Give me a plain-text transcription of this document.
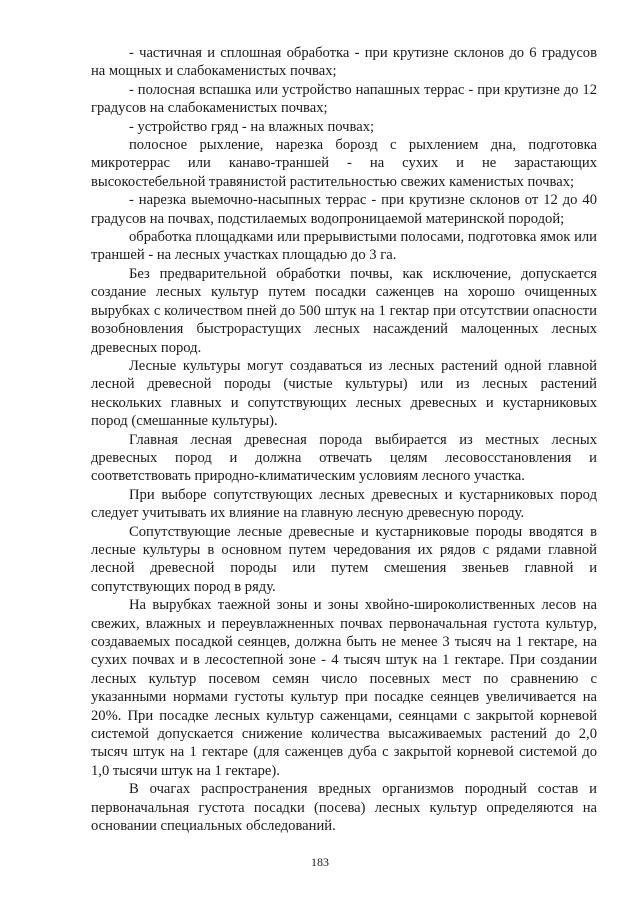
- частичная и сплошная обработка - при крутизне склонов до 6 градусов на мощных и слабокаменистых почвах;

- полосная вспашка или устройство напашных террас - при крутизне до 12 градусов на слабокаменистых почвах;

- устройство гряд - на влажных почвах;

полосное рыхление, нарезка борозд с рыхлением дна, подготовка микротеррас или канаво-траншей - на сухих и не зарастающих высокостебельной травянистой растительностью свежих каменистых почвах;

- нарезка выемочно-насыпных террас - при крутизне склонов от 12 до 40 градусов на почвах, подстилаемых водопроницаемой материнской породой;

обработка площадками или прерывистыми полосами, подготовка ямок или траншей - на лесных участках площадью до 3 га.

Без предварительной обработки почвы, как исключение, допускается создание лесных культур путем посадки саженцев на хорошо очищенных вырубках с количеством пней до 500 штук на 1 гектар при отсутствии опасности возобновления быстрорастущих лесных насаждений малоценных лесных древесных пород.

Лесные культуры могут создаваться из лесных растений одной главной лесной древесной породы (чистые культуры) или из лесных растений нескольких главных и сопутствующих лесных древесных и кустарниковых пород (смешанные культуры).

Главная лесная древесная порода выбирается из местных лесных древесных пород и должна отвечать целям лесовосстановления и соответствовать природно-климатическим условиям лесного участка.

При выборе сопутствующих лесных древесных и кустарниковых пород следует учитывать их влияние на главную лесную древесную породу.

Сопутствующие лесные древесные и кустарниковые породы вводятся в лесные культуры в основном путем чередования их рядов с рядами главной лесной древесной породы или путем смешения звеньев главной и сопутствующих пород в ряду.

На вырубках таежной зоны и зоны хвойно-широколиственных лесов на свежих, влажных и переувлажненных почвах первоначальная густота культур, создаваемых посадкой сеянцев, должна быть не менее 3 тысяч на 1 гектаре, на сухих почвах и в лесостепной зоне - 4 тысяч штук на 1 гектаре. При создании лесных культур посевом семян число посевных мест по сравнению с указанными нормами густоты культур при посадке сеянцев увеличивается на 20%. При посадке лесных культур саженцами, сеянцами с закрытой корневой системой допускается снижение количества высаживаемых растений до 2,0 тысяч штук на 1 гектаре (для саженцев дуба с закрытой корневой системой до 1,0 тысячи штук на 1 гектаре).

В очагах распространения вредных организмов породный состав и первоначальная густота посадки (посева) лесных культур определяются на основании специальных обследований.

183
